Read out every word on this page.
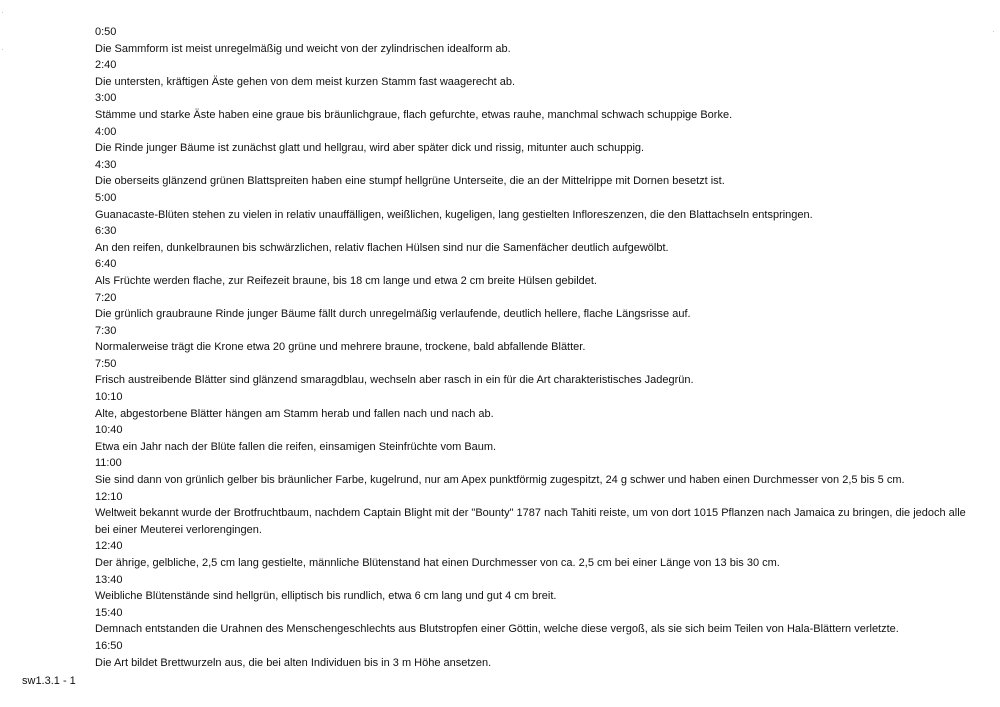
0:50
Die Sammform ist meist unregelmäßig und weicht von der zylindrischen idealform ab.
2:40
Die untersten, kräftigen Äste gehen von dem meist kurzen Stamm fast waagerecht ab.
3:00
Stämme und starke Äste haben eine graue bis bräunlichgraue, flach gefurchte, etwas rauhe, manchmal schwach schuppige Borke.
4:00
Die Rinde junger Bäume ist zunächst glatt und hellgrau, wird aber später dick und rissig, mitunter auch schuppig.
4:30
Die oberseits glänzend grünen Blattspreiten haben eine stumpf hellgrüne Unterseite, die an der Mittelrippe mit Dornen besetzt ist.
5:00
Guanacaste-Blüten stehen zu vielen in relativ unauffälligen, weißlichen, kugeligen, lang gestielten Infloreszenzen, die den Blattachseln entspringen.
6:30
An den reifen, dunkelbraunen bis schwärzlichen, relativ flachen Hülsen sind nur die Samenfächer deutlich aufgewölbt.
6:40
Als Früchte werden flache, zur Reifezeit braune, bis 18 cm lange und etwa 2 cm breite Hülsen gebildet.
7:20
Die grünlich graubraune Rinde junger Bäume fällt durch unregelmäßig verlaufende, deutlich hellere, flache Längsrisse auf.
7:30
Normalerweise trägt die Krone etwa 20 grüne und mehrere braune, trockene, bald abfallende Blätter.
7:50
Frisch austreibende Blätter sind glänzend smaragdblau, wechseln aber rasch in ein für die Art charakteristisches Jadegrün.
10:10
Alte, abgestorbene Blätter hängen am Stamm herab und fallen nach und nach ab.
10:40
Etwa ein Jahr nach der Blüte fallen die reifen, einsamigen Steinfrüchte vom Baum.
11:00
Sie sind dann von grünlich gelber bis bräunlicher Farbe, kugelrund, nur am Apex punktförmig zugespitzt, 24 g schwer und haben einen Durchmesser von 2,5 bis 5 cm.
12:10
Weltweit bekannt wurde der Brotfruchtbaum, nachdem Captain Blight mit der "Bounty" 1787 nach Tahiti reiste, um von dort 1015 Pflanzen nach Jamaica zu bringen, die jedoch alle bei einer Meuterei verlorengingen.
12:40
Der ährige, gelbliche, 2,5 cm lang gestielte, männliche Blütenstand hat einen Durchmesser von ca. 2,5 cm bei einer Länge von 13 bis 30 cm.
13:40
Weibliche Blütenstände sind hellgrün, elliptisch bis rundlich, etwa 6 cm lang und gut 4 cm breit.
15:40
Demnach entstanden die Urahnen des Menschengeschlechts aus Blutstropfen einer Göttin, welche diese vergoß, als sie sich beim Teilen von Hala-Blättern verletzte.
16:50
Die Art bildet Brettwurzeln aus, die bei alten Individuen bis in 3 m Höhe ansetzen.
sw1.3.1 - 1
